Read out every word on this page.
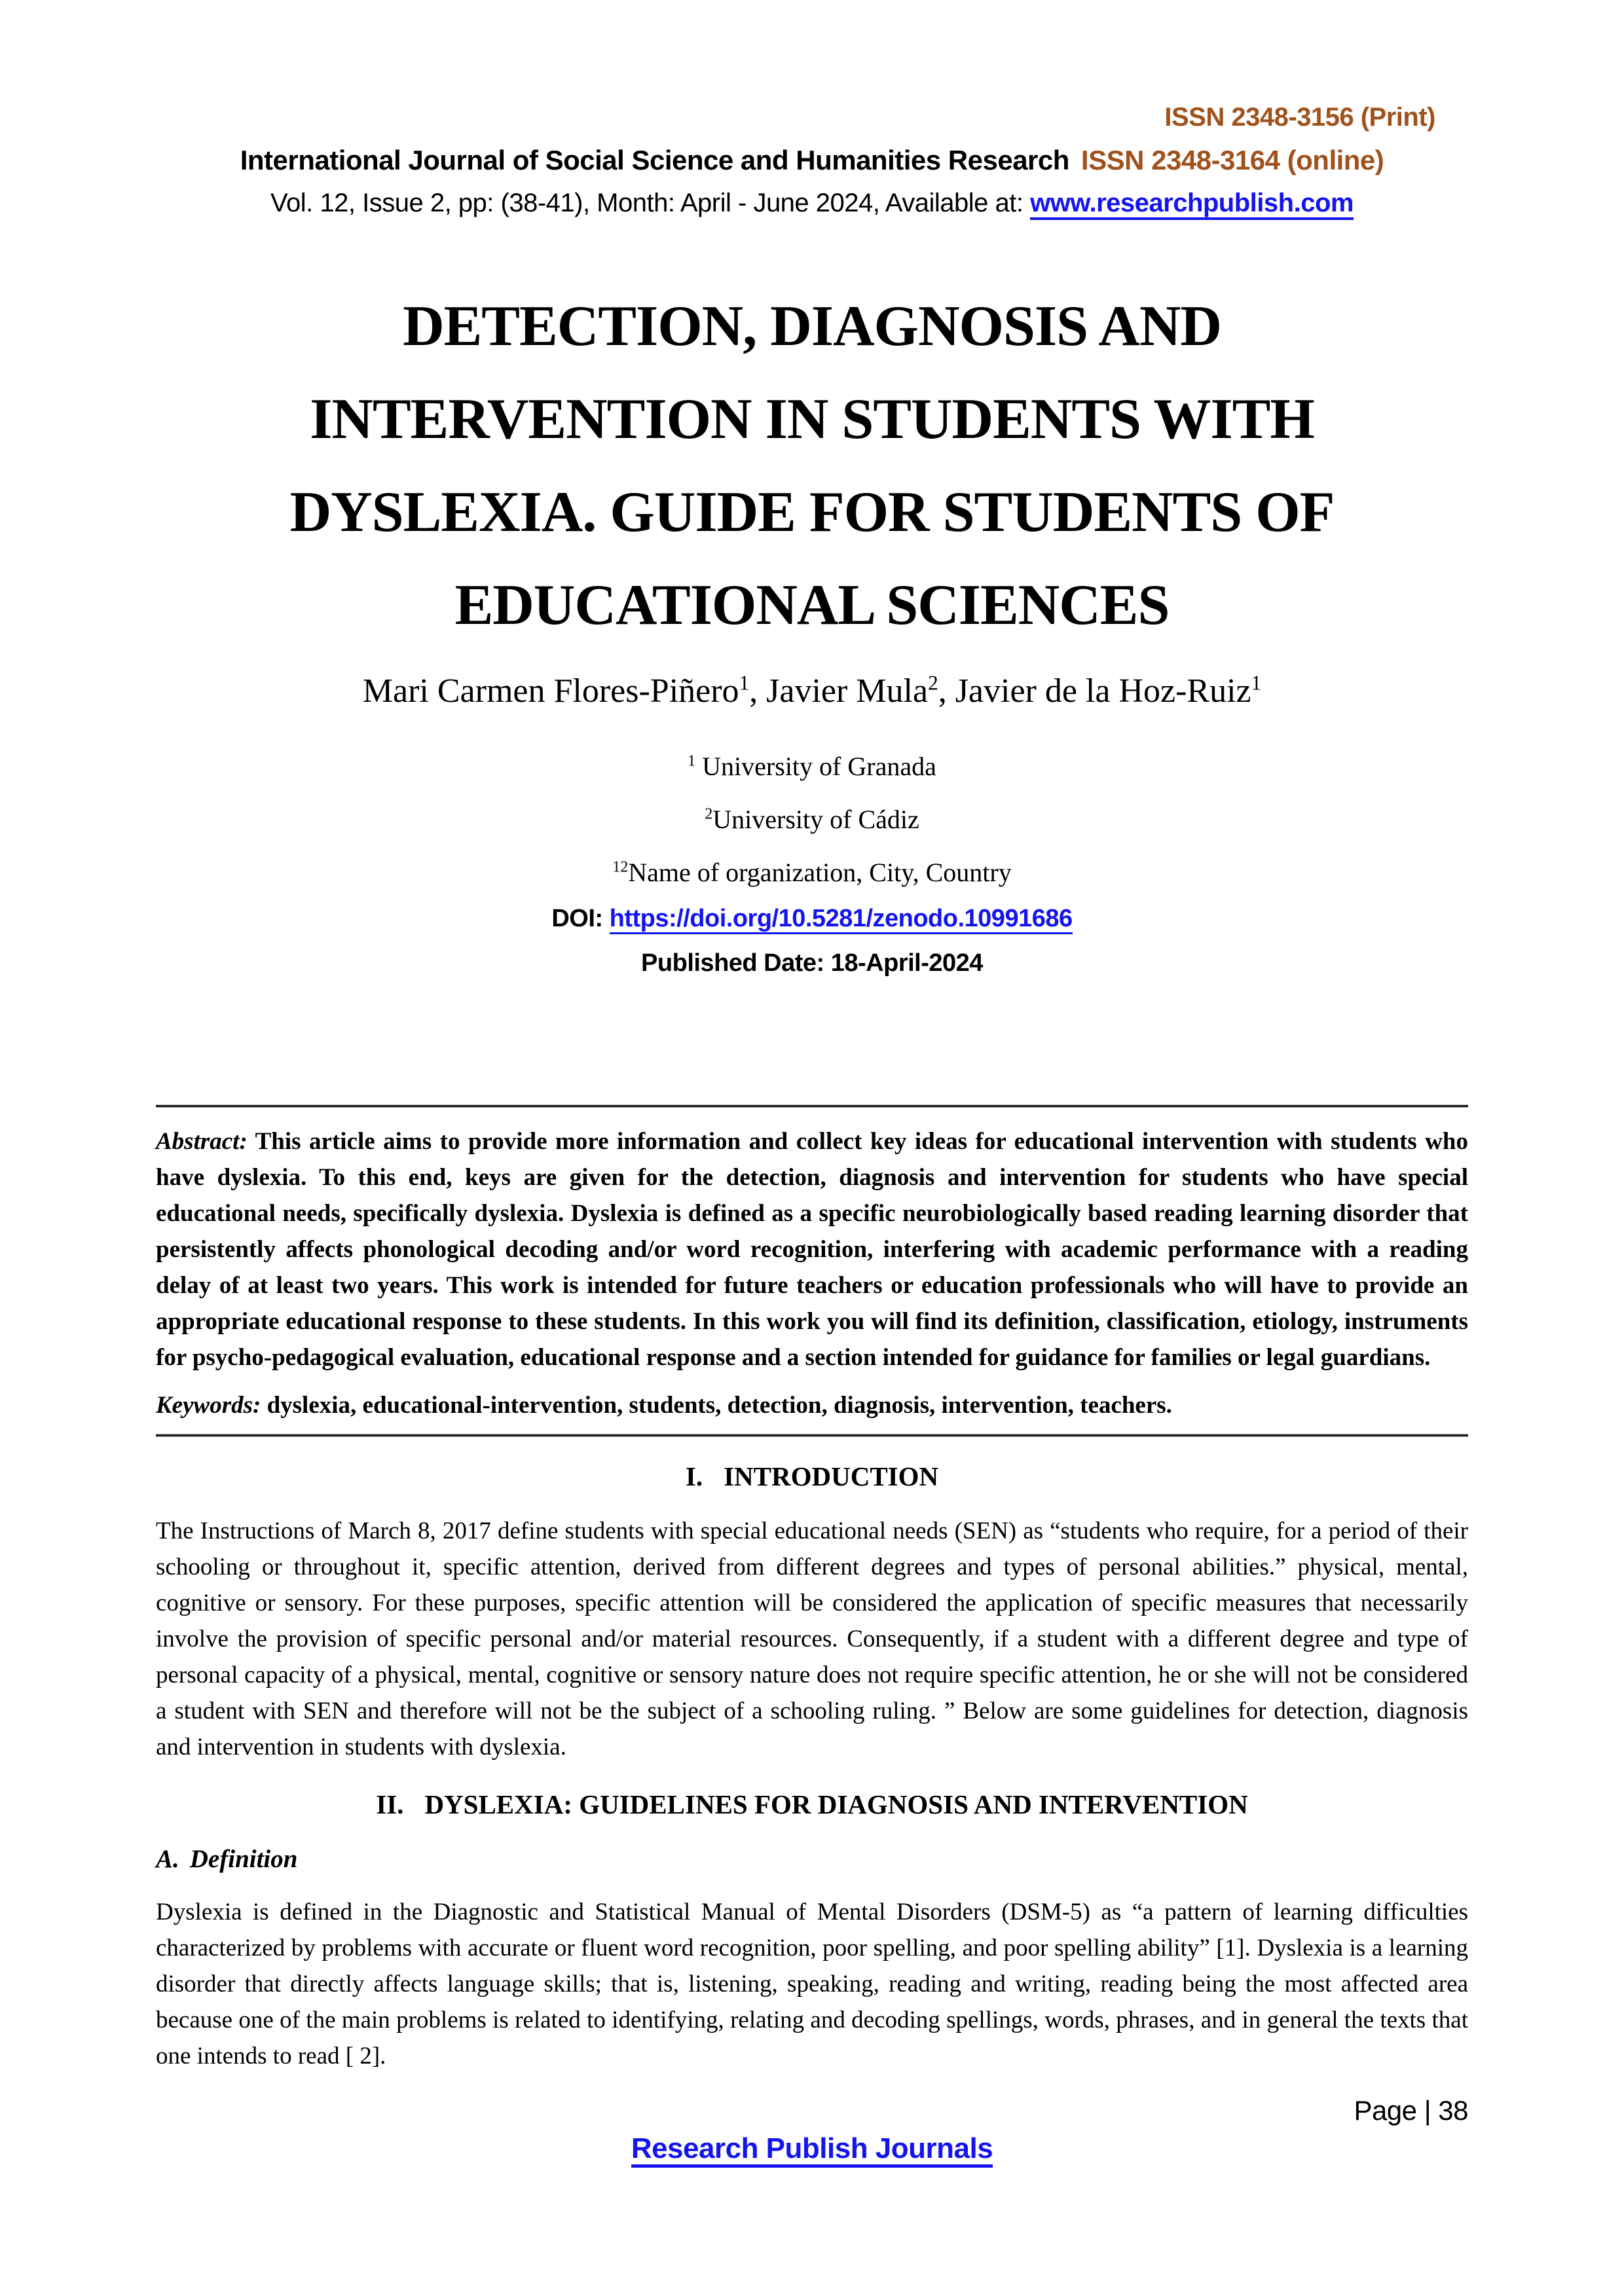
ISSN 2348-3156 (Print)
International Journal of Social Science and Humanities Research ISSN 2348-3164 (online)
Vol. 12, Issue 2, pp: (38-41), Month: April - June 2024, Available at: www.researchpublish.com
DETECTION, DIAGNOSIS AND
INTERVENTION IN STUDENTS WITH
DYSLEXIA. GUIDE FOR STUDENTS OF
EDUCATIONAL SCIENCES
Mari Carmen Flores-Piñero$^1$, Javier Mula$^2$, Javier de la Hoz-Ruiz$^1$
$^1$ University of Granada
$^2$University of Cádiz
$^{12}$Name of organization, City, Country
DOI: https://doi.org/10.5281/zenodo.10991686
Published Date: 18-April-2024

Abstract: This article aims to provide more information and collect key ideas for educational intervention with students who have dyslexia. To this end, keys are given for the detection, diagnosis and intervention for students who have special educational needs, specifically dyslexia. Dyslexia is defined as a specific neurobiologically based reading learning disorder that persistently affects phonological decoding and/or word recognition, interfering with academic performance with a reading delay of at least two years. This work is intended for future teachers or education professionals who will have to provide an appropriate educational response to these students. In this work you will find its definition, classification, etiology, instruments for psycho-pedagogical evaluation, educational response and a section intended for guidance for families or legal guardians.

Keywords: dyslexia, educational-intervention, students, detection, diagnosis, intervention, teachers.

I. INTRODUCTION

The Instructions of March 8, 2017 define students with special educational needs (SEN) as “students who require, for a period of their schooling or throughout it, specific attention, derived from different degrees and types of personal abilities.” physical, mental, cognitive or sensory. For these purposes, specific attention will be considered the application of specific measures that necessarily involve the provision of specific personal and/or material resources. Consequently, if a student with a different degree and type of personal capacity of a physical, mental, cognitive or sensory nature does not require specific attention, he or she will not be considered a student with SEN and therefore will not be the subject of a schooling ruling. ” Below are some guidelines for detection, diagnosis and intervention in students with dyslexia.

II. DYSLEXIA: GUIDELINES FOR DIAGNOSIS AND INTERVENTION
A. Definition

Dyslexia is defined in the Diagnostic and Statistical Manual of Mental Disorders (DSM-5) as “a pattern of learning difficulties characterized by problems with accurate or fluent word recognition, poor spelling, and poor spelling ability” [1]. Dyslexia is a learning disorder that directly affects language skills; that is, listening, speaking, reading and writing, reading being the most affected area because one of the main problems is related to identifying, relating and decoding spellings, words, phrases, and in general the texts that one intends to read [ 2].

Page | 38
Research Publish Journals
